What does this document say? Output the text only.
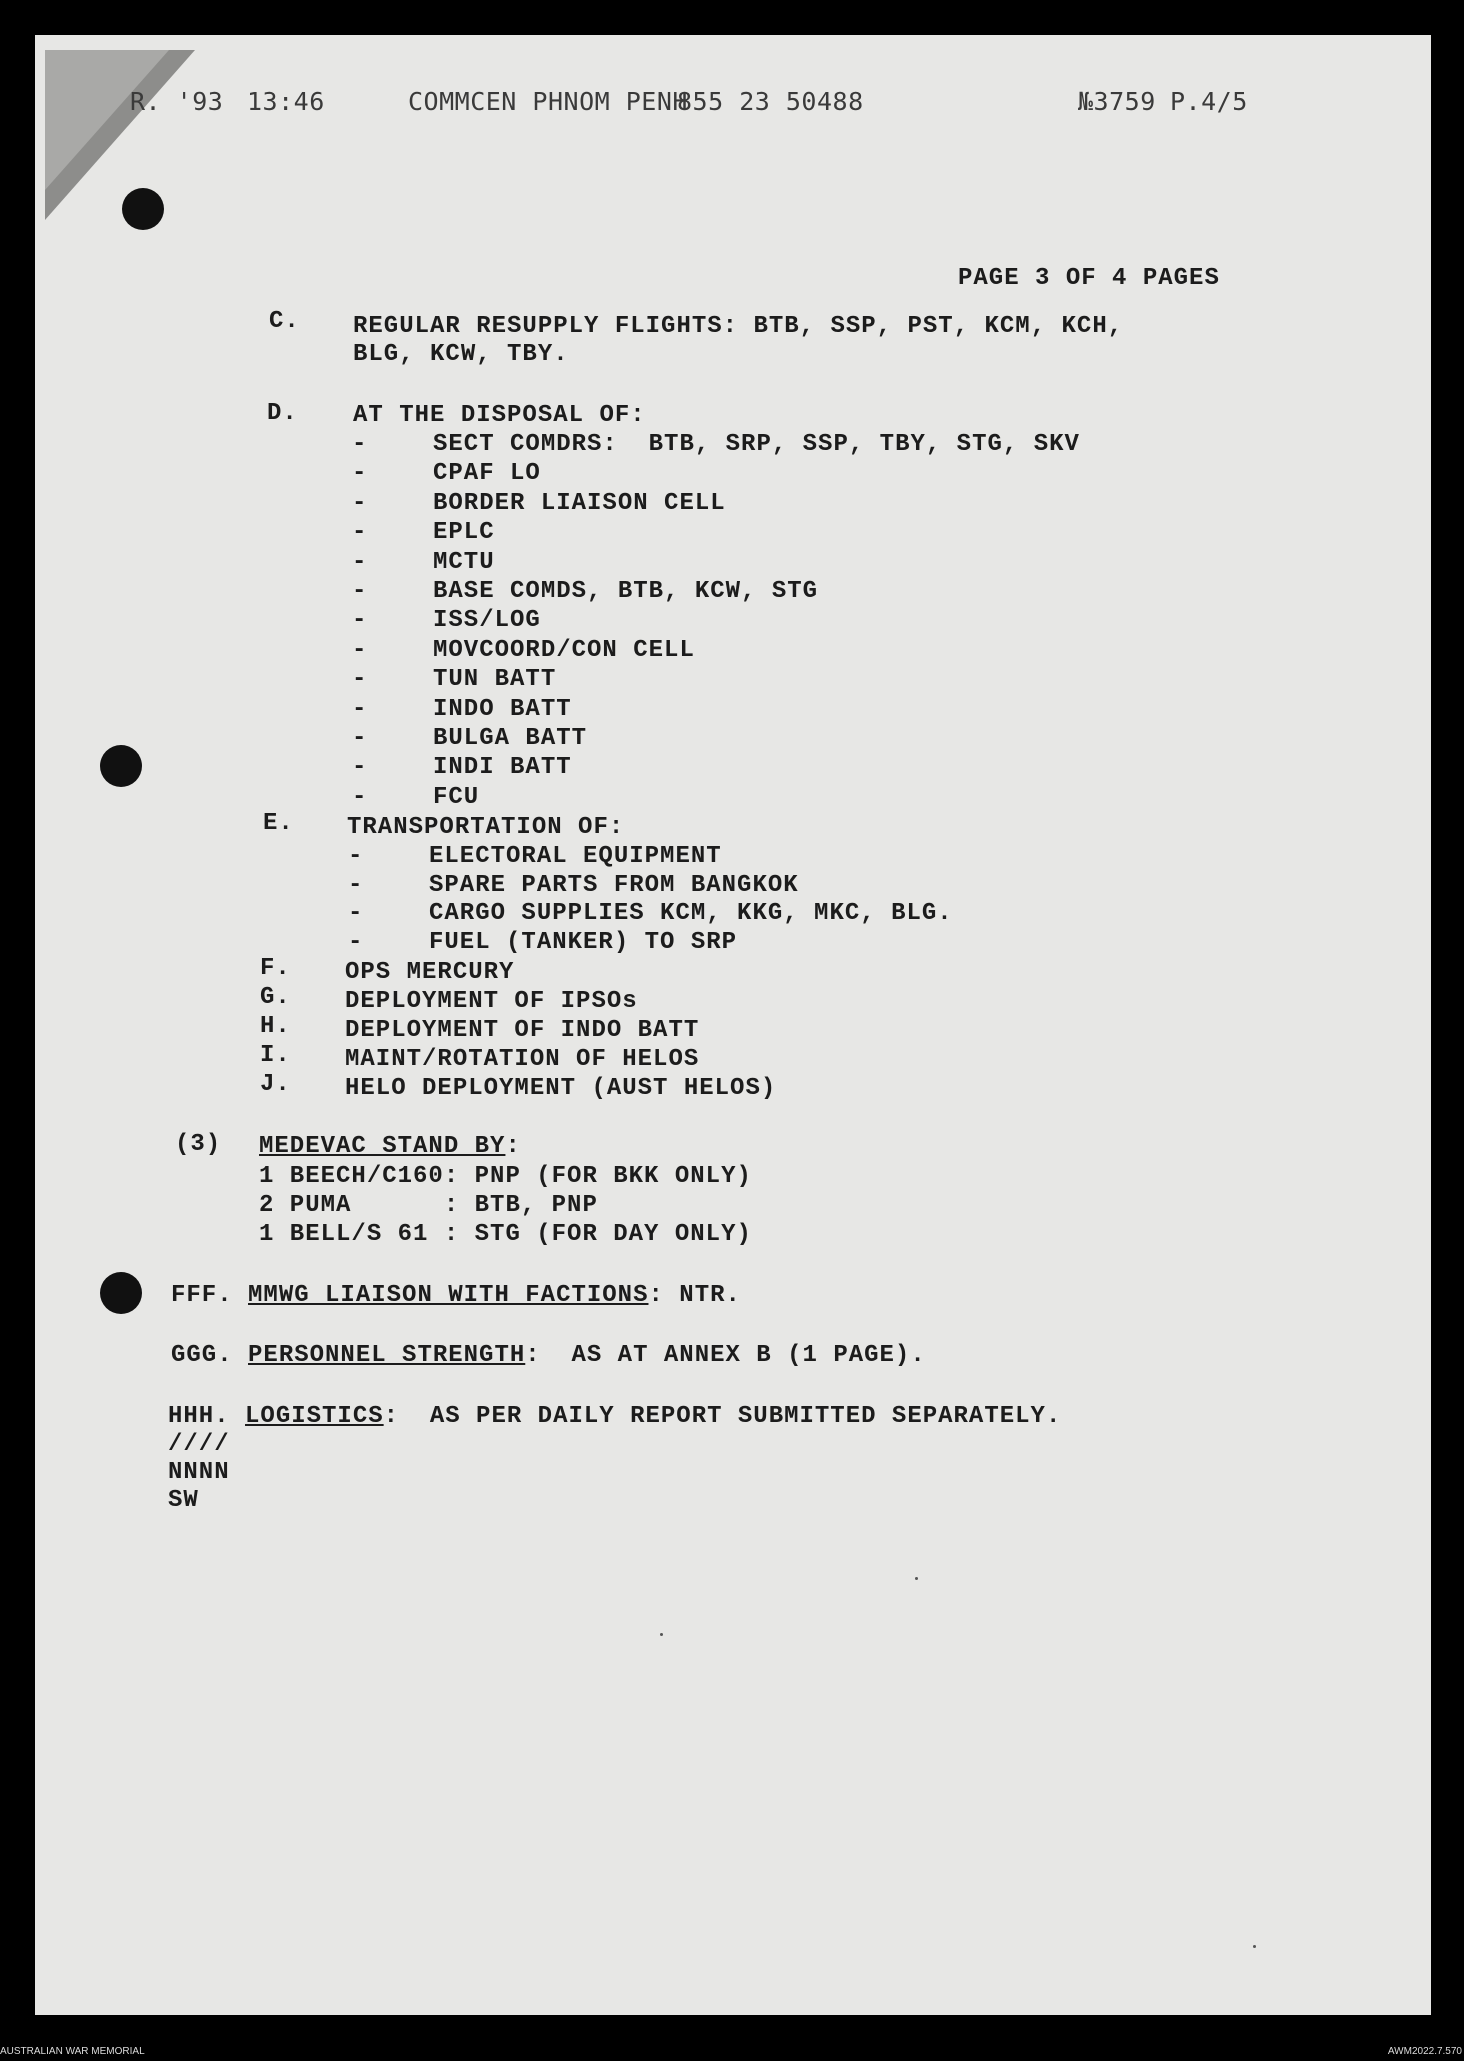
R. '93 13:46	COMMCEN PHNOM PENH
855 23 50488	№3759 P.4/5
PAGE 3 OF 4 PAGES
C. REGULAR RESUPPLY FLIGHTS: BTB, SSP, PST, KCM, KCH,
BLG, KCW, TBY.
D. AT THE DISPOSAL OF:
-	SECT COMDRS:  BTB, SRP, SSP, TBY, STG, SKV
-	CPAF LO
-	BORDER LIAISON CELL
-	EPLC
-	MCTU
-	BASE COMDS, BTB, KCW, STG
-	ISS/LOG
-	MOVCOORD/CON CELL
-	TUN BATT
-	INDO BATT
-	BULGA BATT
-	INDI BATT
-	FCU
E. TRANSPORTATION OF:
-	ELECTORAL EQUIPMENT
-	SPARE PARTS FROM BANGKOK
-	CARGO SUPPLIES KCM, KKG, MKC, BLG.
-	FUEL (TANKER) TO SRP
F. OPS MERCURY
G. DEPLOYMENT OF IPSOs
H. DEPLOYMENT OF INDO BATT
I. MAINT/ROTATION OF HELOS
J. HELO DEPLOYMENT (AUST HELOS)
(3) MEDEVAC STAND BY:
1 BEECH/C160: PNP (FOR BKK ONLY)
2 PUMA      : BTB, PNP
1 BELL/S 61 : STG (FOR DAY ONLY)
FFF. MMWG LIAISON WITH FACTIONS: NTR.
GGG. PERSONNEL STRENGTH:  AS AT ANNEX B (1 PAGE).
HHH. LOGISTICS:  AS PER DAILY REPORT SUBMITTED SEPARATELY.
////
NNNN
SW
AUSTRALIAN WAR MEMORIAL	AWM2022.7.570
